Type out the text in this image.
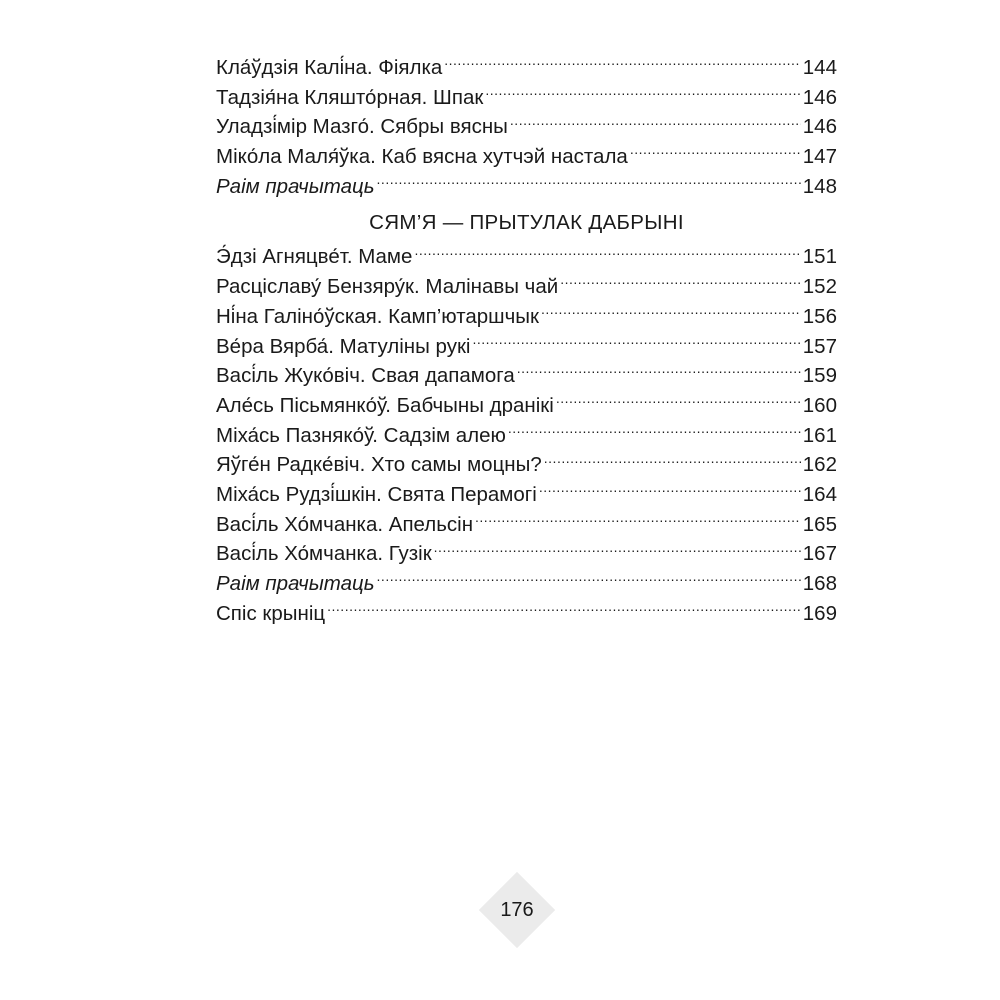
Кла́ўдзія Калі́на. Фіялка .....	144
Тадзія́на Кляшто́рная. Шпак .....	146
Уладзі́мір Мазго́. Сябры вясны .....	146
Міко́ла Маля́ўка. Каб вясна хутчэй настала .....	147
Раім прачытаць .....	148
СЯМ’Я — ПРЫТУЛАК ДАБРЫНІ
Э́дзі Агняцве́т. Маме .....	151
Расціславу́ Бензяру́к. Малінавы чай .....	152
Ні́на Галіно́ўская. Камп’ютаршчык .....	156
Ве́ра Вярба́. Матуліны рукі .....	157
Васі́ль Жуко́віч. Свая дапамога .....	159
Але́сь Пісьмянко́ў. Бабчыны дранікі .....	160
Міха́сь Пазняко́ў. Садзім алею .....	161
Яўге́н Радке́віч. Хто самы моцны? .....	162
Міха́сь Рудзі́шкін. Свята Перамогі .....	164
Васі́ль Хо́мчанка. Апельсін .....	165
Васі́ль Хо́мчанка. Гузік .....	167
Раім прачытаць .....	168
Спіс крыніц .....	169
176
